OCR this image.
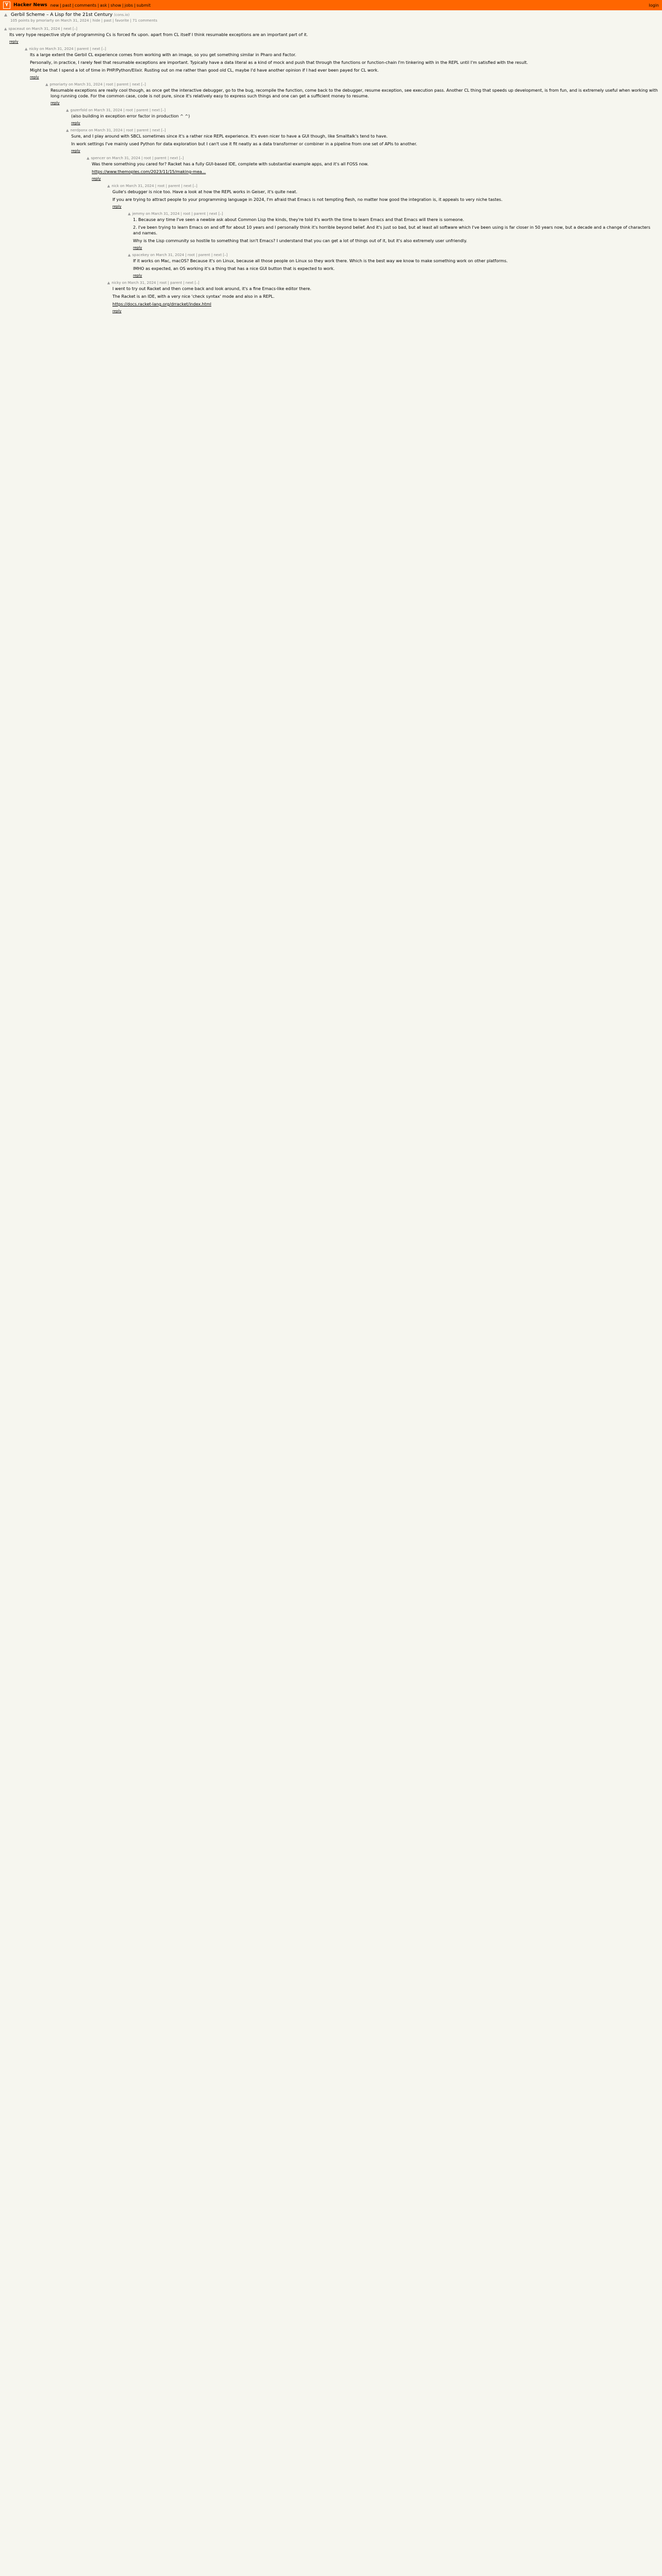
Y	Hacker News new | past | comments | ask | show | jobs | submit	login
▲ Gerbil Scheme – A Lisp for the 21st Century (cons.io)
105 points by pmoriarty on March 31, 2024 | hide | past | favorite | 71 comments
▲ spaceaut on March 31, 2024 | next [–]

Its very hype respective style of programming Cs is forced fix upon. apart from CL itself I think resumable exceptions are an important part of it.

reply
▲ nicky on March 31, 2024 | parent | next [–]

Its a large extent the Gerbil CL experience comes from working with an image, so you get something similar in Pharo and Factor.

Personally, in practice, I rarely feel that resumable exceptions are important. Typically have a data literal as a kind of mock and push that through the functions or function-chain I'm tinkering with in the REPL until I'm satisfied with the result.

Might be that I spend a lot of time in PHP/Python/Elixir. Rusting out on me rather than good old CL, maybe I'd have another opinion if I had ever been payed for CL work.

reply
▲ pmoriarty on March 31, 2024 | root | parent | next [–]

Resumable exceptions are really cool though, as once get the interactive debugger, go to the bug, recompile the function, come back to the debugger, resume exception, see execution pass. Another CL thing that speeds up development, is from fun, and is extremely useful when working with long running code. For the common case, code is not pure, since it's relatively easy to express such things and one can get a sufficient money to resume.

reply
▲ gazerfold on March 31, 2024 | root | parent | next [–]

(also building in exception error factor in production ^ ^)

reply
▲ nerdponx on March 31, 2024 | root | parent | next [–]

Sure, and I play around with SBCL sometimes since it's a rather nice REPL experience. It's even nicer to have a GUI though, like Smalltalk's tend to have.

In work settings I've mainly used Python for data exploration but I can't use it fit neatly as a data transformer or combiner in a pipeline from one set of APIs to another.

reply
▲ spencer on March 31, 2024 | root | parent | next [–]

Was there something you cared for? Racket has a fully GUI-based IDE, complete with substantial example apps, and it's all FOSS now.

https://www.themoples.com/2023/11/15/making-mea...

reply
▲ nick on March 31, 2024 | root | parent | next [–]

Guile's debugger is nice too. Have a look at how the REPL works in Geiser, it's quite neat.

If you are trying to attract people to your programming language in 2024, I'm afraid that Emacs is not tempting flesh, no matter how good the integration is, it appeals to very niche tastes.

reply
▲ jemmy on March 31, 2024 | root | parent | next [–]

1. Because any time I've seen a newbie ask about Common Lisp the kinds, they're told it's worth the time to learn Emacs and that Emacs will there is someone.

2. I've been trying to learn Emacs on and off for about 10 years and I personally think it's horrible beyond belief. And it's just so bad, but at least all software which I've been using is far closer in 50 years now, but a decade and a change of characters and names.

Why is the Lisp community so hostile to something that isn't Emacs? I understand that you can get a lot of things out of it, but it's also extremely user unfriendly.

reply
▲ spacekey on March 31, 2024 | root | parent | next [–]

If it works on Mac, macOS? Because it's on Linux, because all those people on Linux so they work there. Which is the best way we know to make something work on other platforms.

IMHO as expected, an OS working it's a thing that has a nice GUI button that is expected to work.

reply
▲ nicky on March 31, 2024 | root | parent | next [–]

I went to try out Racket and then come back and look around, it's a fine Emacs-like editor there.

The Racket is an IDE, with a very nice 'check syntax' mode and also in a REPL.

https://docs.racket-lang.org/drracket/index.html

reply
